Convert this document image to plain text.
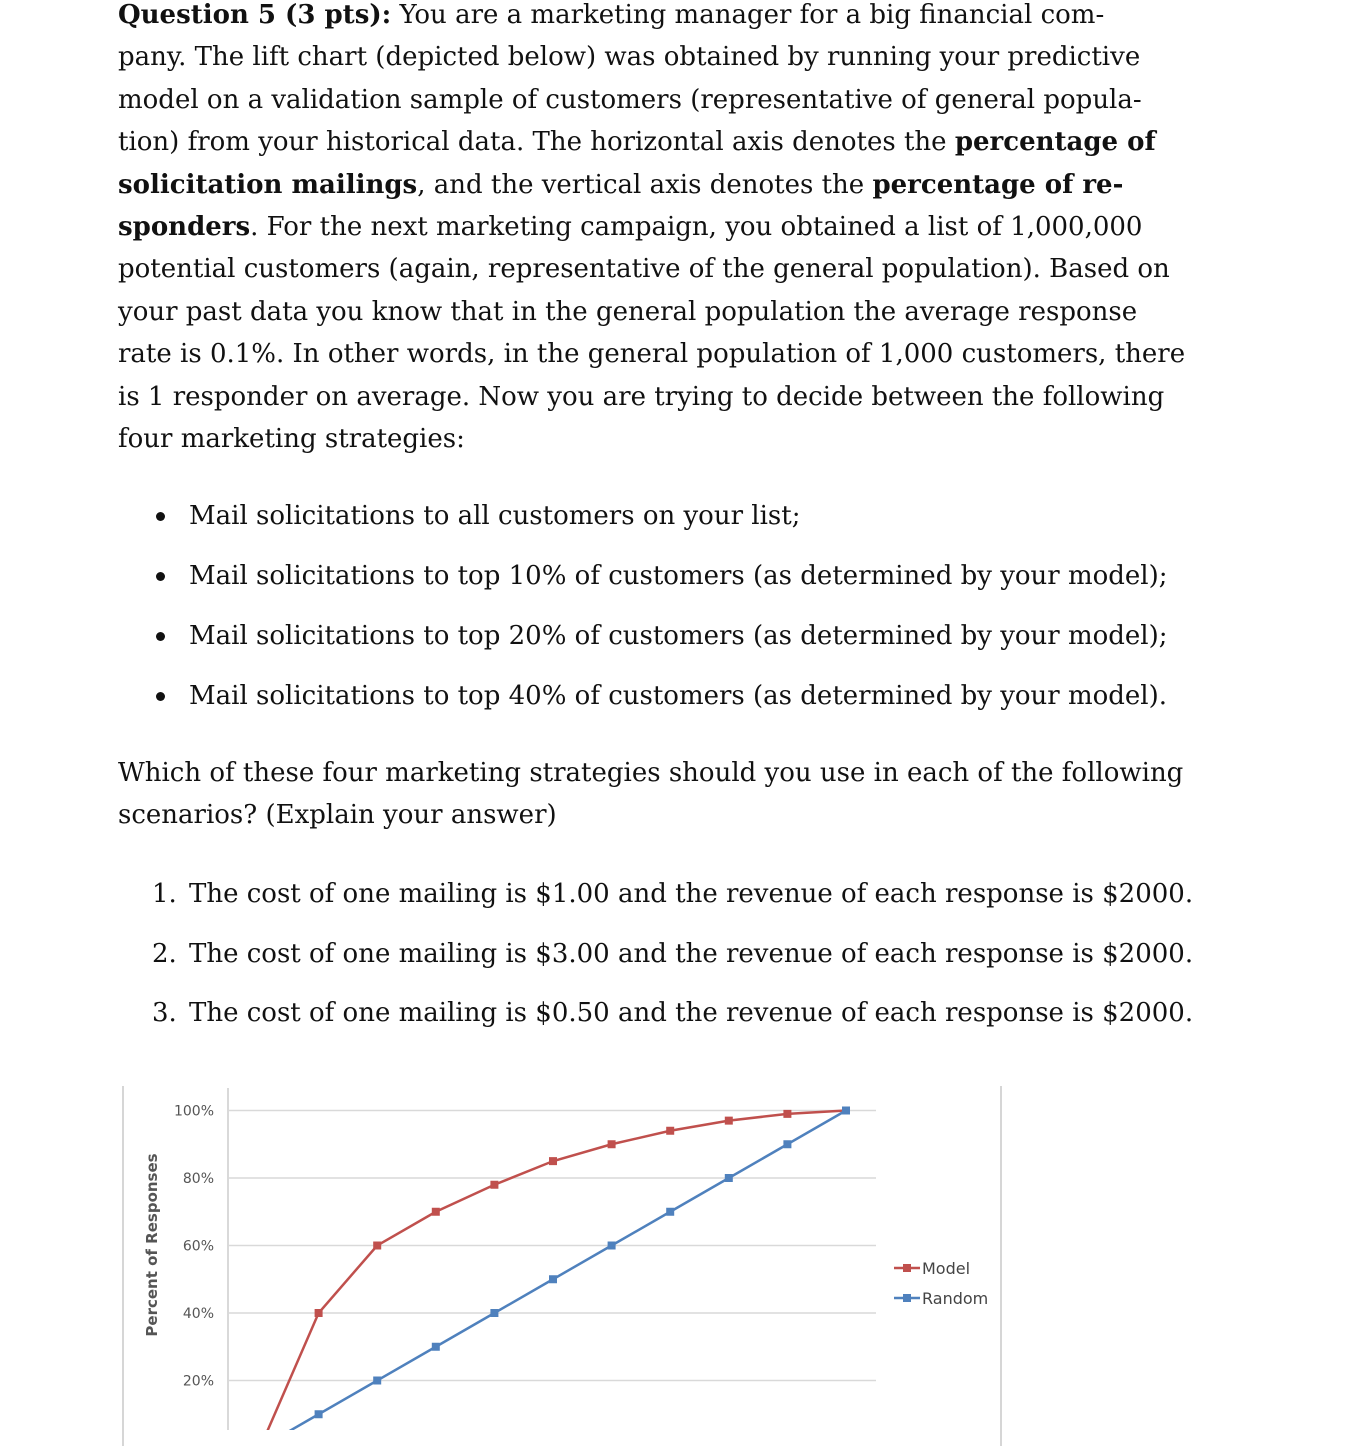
Question 5 (3 pts): You are a marketing manager for a big financial com-
pany. The lift chart (depicted below) was obtained by running your predictive
model on a validation sample of customers (representative of general popula-
tion) from your historical data. The horizontal axis denotes the percentage of
solicitation mailings, and the vertical axis denotes the percentage of re-
sponders. For the next marketing campaign, you obtained a list of 1,000,000
potential customers (again, representative of the general population). Based on
your past data you know that in the general population the average response
rate is 0.1%. In other words, in the general population of 1,000 customers, there
is 1 responder on average. Now you are trying to decide between the following
four marketing strategies:
Mail solicitations to all customers on your list;
Mail solicitations to top 10% of customers (as determined by your model);
Mail solicitations to top 20% of customers (as determined by your model);
Mail solicitations to top 40% of customers (as determined by your model).
Which of these four marketing strategies should you use in each of the following
scenarios? (Explain your answer)
1. The cost of one mailing is $1.00 and the revenue of each response is $2000.
2. The cost of one mailing is $3.00 and the revenue of each response is $2000.
3. The cost of one mailing is $0.50 and the revenue of each response is $2000.
100%
80%
60%
40%
20%
Percent of Responses	Model
Random
